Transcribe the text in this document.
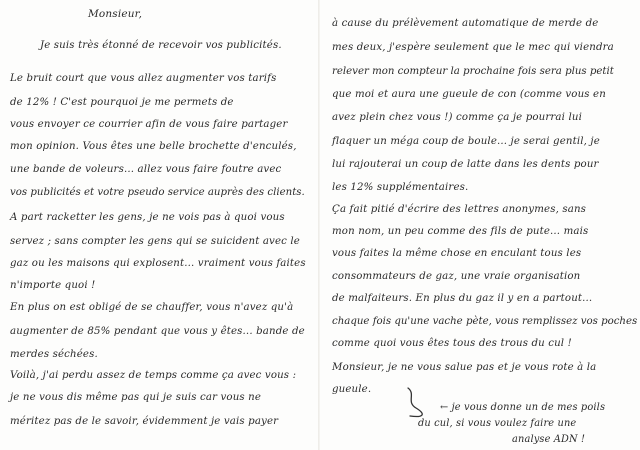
Monsieur,
Je suis très étonné de recevoir vos publicités.
Le bruit court que vous allez augmenter vos tarifs
de 12% ! C'est pourquoi je me permets de
vous envoyer ce courrier afin de vous faire partager
mon opinion. Vous êtes une belle brochette d'enculés,
une bande de voleurs... allez vous faire foutre avec
vos publicités et votre pseudo service auprès des clients.
A part racketter les gens, je ne vois pas à quoi vous
servez ; sans compter les gens qui se suicident avec le
gaz ou les maisons qui explosent... vraiment vous faites
n'importe quoi !
En plus on est obligé de se chauffer, vous n'avez qu'à
augmenter de 85% pendant que vous y êtes... bande de
merdes séchées.
Voilà, j'ai perdu assez de temps comme ça avec vous :
je ne vous dis même pas qui je suis car vous ne
méritez pas de le savoir, évidemment je vais payer
à cause du prélèvement automatique de merde de
mes deux, j'espère seulement que le mec qui viendra
relever mon compteur la prochaine fois sera plus petit
que moi et aura une gueule de con (comme vous en
avez plein chez vous !) comme ça je pourrai lui
flaquer un méga coup de boule... je serai gentil, je
lui rajouterai un coup de latte dans les dents pour
les 12% supplémentaires.
Ça fait pitié d'écrire des lettres anonymes, sans
mon nom, un peu comme des fils de pute... mais
vous faites la même chose en enculant tous les
consommateurs de gaz, une vraie organisation
de malfaiteurs. En plus du gaz il y en a partout...
chaque fois qu'une vache pète, vous remplissez vos poches
comme quoi vous êtes tous des trous du cul !
Monsieur, je ne vous salue pas et je vous rote à la
gueule.
← je vous donne un de mes poils
du cul, si vous voulez faire une
analyse ADN !
